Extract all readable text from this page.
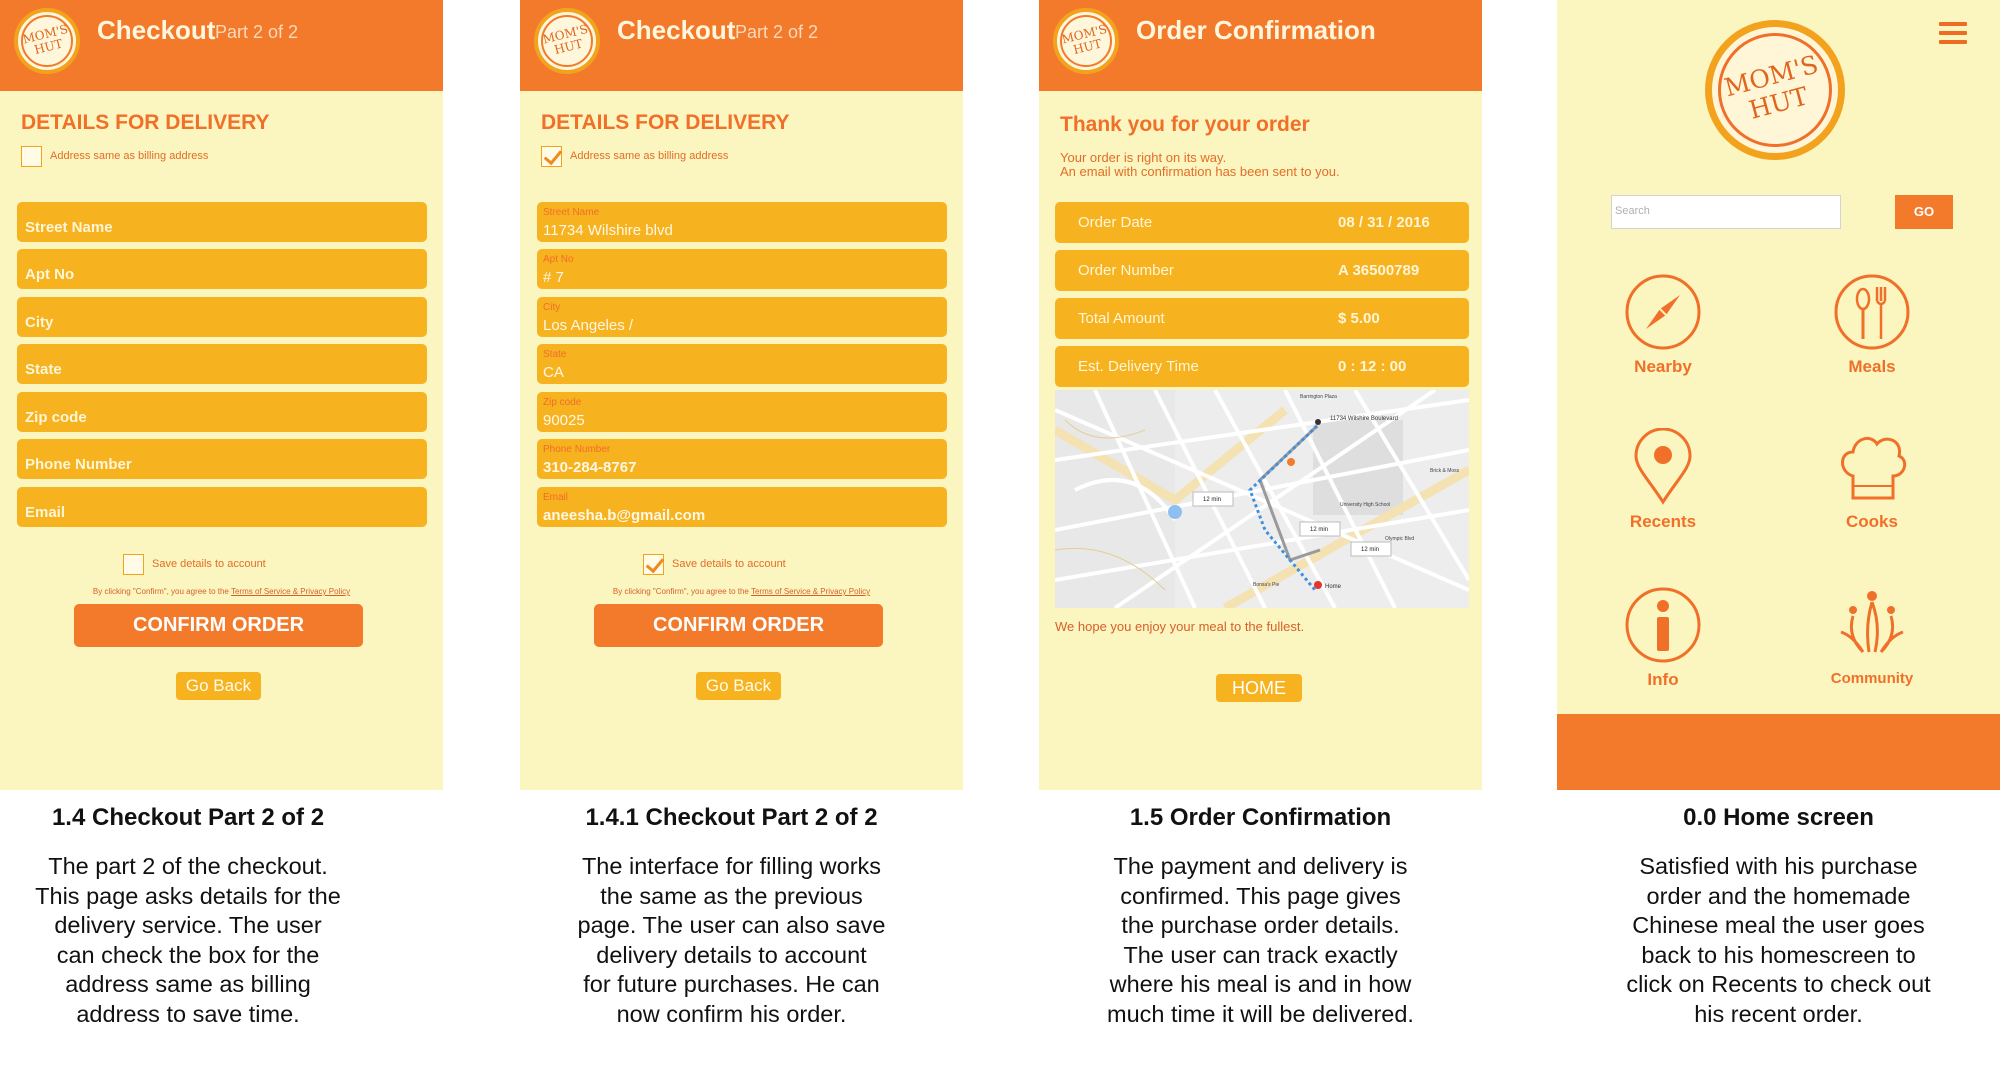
MOM'S
HUT
Checkout Part 2 of 2
DETAILS FOR DELIVERY
Address same as billing address
Street Name
Apt No
City
State
Zip code
Phone Number
Email
Save details to account
By clicking "Confirm", you agree to the Terms of Service & Privacy Policy
CONFIRM ORDER
Go Back
MOM'S
HUT
Checkout Part 2 of 2
DETAILS FOR DELIVERY
Address same as billing address
Street Name
11734 Wilshire blvd
Apt No
# 7
City
Los Angeles /
State
CA
Zip code
90025
Phone Number
310-284-8767
Email
aneesha.b@gmail.com
Save details to account
By clicking "Confirm", you agree to the Terms of Service & Privacy Policy
CONFIRM ORDER
Go Back
MOM'S
HUT
Order Confirmation
Thank you for your order
Your order is right on its way.
An email with confirmation has been sent to you.
Order Date	08 / 31 / 2016
Order Number	A 36500789
Total Amount	$ 5.00
Est. Delivery Time	0 : 12 : 00
11734 Wilshire Boulevard
Home
Barrington Plaza
University High School
Bonsa's Pie
Brick & Moss
Olympic Blvd
12 min
12 min
12 min
We hope you enjoy your meal to the fullest.
HOME
MOM'S
HUT
Search	GO
Nearby	Meals
Recents	Cooks
Info	Community
1.4 Checkout Part 2 of 2
The part 2 of the checkout.
This page asks details for the
delivery service. The user
can check the box for the
address same as billing
address to save time.
1.4.1 Checkout Part 2 of 2
The interface for filling works
the same as the previous
page. The user can also save
delivery details to account
for future purchases. He can
now confirm his order.
1.5 Order Confirmation
The payment and delivery is
confirmed. This page gives
the purchase order details.
The user can track exactly
where his meal is and in how
much time it will be delivered.
0.0 Home screen
Satisfied with his purchase
order and the homemade
Chinese meal the user goes
back to his homescreen to
click on Recents to check out
his recent order.
